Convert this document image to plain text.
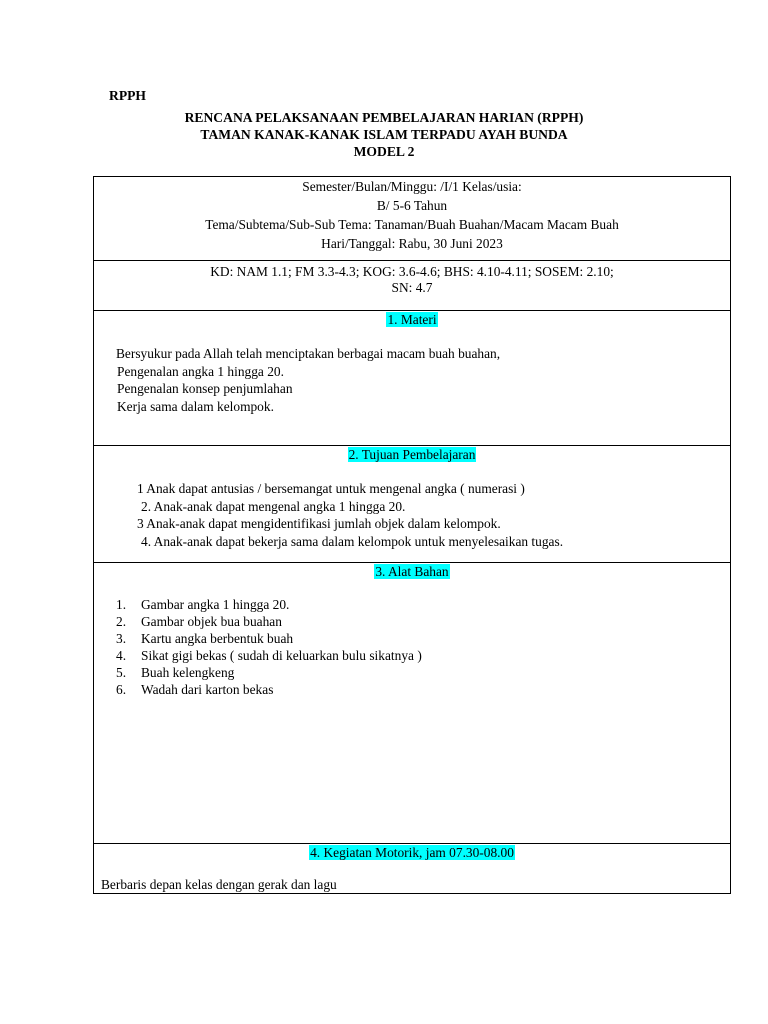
RPPH
RENCANA PELAKSANAAN PEMBELAJARAN HARIAN (RPPH)
TAMAN KANAK-KANAK ISLAM TERPADU AYAH BUNDA
MODEL 2
Semester/Bulan/Minggu: /I/1 Kelas/usia:
B/ 5-6 Tahun
Tema/Subtema/Sub-Sub Tema: Tanaman/Buah Buahan/Macam Macam Buah
Hari/Tanggal: Rabu, 30 Juni 2023
KD: NAM 1.1; FM 3.3-4.3; KOG: 3.6-4.6; BHS: 4.10-4.11; SOSEM: 2.10;
SN: 4.7
1. Materi
Bersyukur pada Allah telah menciptakan berbagai macam buah buahan,
Pengenalan angka 1 hingga 20.
Pengenalan konsep penjumlahan
Kerja sama dalam kelompok.
2. Tujuan Pembelajaran
1 Anak dapat antusias / bersemangat untuk mengenal angka ( numerasi )
2. Anak-anak dapat mengenal angka 1 hingga 20.
3 Anak-anak dapat mengidentifikasi jumlah objek dalam kelompok.
4. Anak-anak dapat bekerja sama dalam kelompok untuk menyelesaikan tugas.
3. Alat Bahan
1. Gambar angka 1 hingga 20.
2. Gambar objek bua buahan
3. Kartu angka berbentuk buah
4. Sikat gigi bekas ( sudah di keluarkan bulu sikatnya )
5. Buah kelengkeng
6. Wadah dari karton bekas
4. Kegiatan Motorik, jam 07.30-08.00
Berbaris depan kelas dengan gerak dan lagu
